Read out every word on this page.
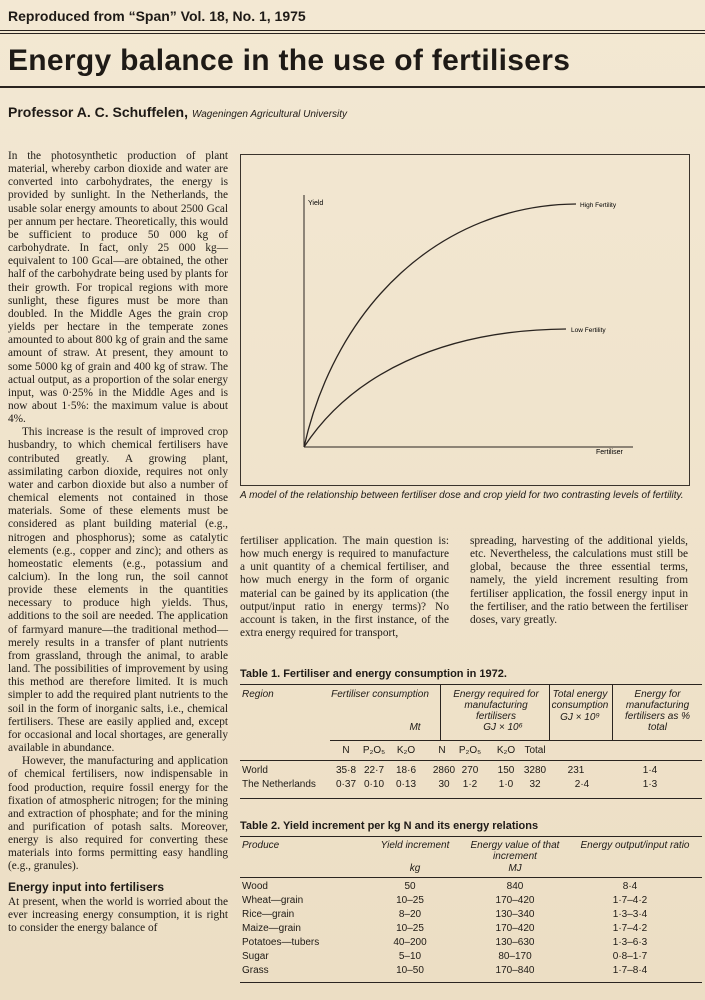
Reproduced from “Span” Vol. 18, No. 1, 1975
Energy balance in the use of fertilisers
Professor A. C. Schuffelen, Wageningen Agricultural University

In the photosynthetic production of plant material, whereby carbon dioxide and water are converted into carbohydrates, the energy is provided by sunlight. In the Netherlands, the usable solar energy amounts to about 2500 Gcal per annum per hectare. Theoretically, this would be sufficient to produce 50 000 kg of carbohydrate. In fact, only 25 000 kg—equivalent to 100 Gcal—are obtained, the other half of the carbohydrate being used by plants for their growth. For tropical regions with more sunlight, these figures must be more than doubled. In the Middle Ages the grain crop yields per hectare in the temperate zones amounted to about 800 kg of grain and the same amount of straw. At present, they amount to some 5000 kg of grain and 400 kg of straw. The actual output, as a proportion of the solar energy input, was 0·25% in the Middle Ages and is now about 1·5%: the maximum value is about 4%.

This increase is the result of improved crop husbandry, to which chemical fertilisers have contributed greatly. A growing plant, assimilating carbon dioxide, requires not only water and carbon dioxide but also a number of chemical elements not contained in those materials. Some of these elements must be considered as plant building material (e.g., nitrogen and phosphorus); some as catalytic elements (e.g., copper and zinc); and others as homeostatic elements (e.g., potassium and calcium). In the long run, the soil cannot provide these elements in the quantities necessary to produce high yields. Thus, additions to the soil are needed. The application of farmyard manure—the traditional method—merely results in a transfer of plant nutrients from grassland, through the animal, to arable land. The possibilities of improvement by using this method are therefore limited. It is much simpler to add the required plant nutrients to the soil in the form of inorganic salts, i.e., chemical fertilisers. These are easily applied and, except for occasional and local shortages, are generally available in abundance.

However, the manufacturing and application of chemical fertilisers, now indispensable in food production, require fossil energy for the fixation of atmospheric nitrogen; for the mining and extraction of phosphate; and for the mining and purification of potash salts. Moreover, energy is also required for converting these materials into forms permitting easy handling (e.g., granules).

Energy input into fertilisers

At present, when the world is worried about the ever increasing energy consumption, it is right to consider the energy balance of

Yield
Fertiliser
High Fertility
Low Fertility
A model of the relationship between fertiliser dose and crop yield for two contrasting levels of fertility.

fertiliser application. The main question is: how much energy is required to manufacture a unit quantity of a chemical fertiliser, and how much energy in the form of organic material can be gained by its application (the output/input ratio in energy terms)? No account is taken, in the first instance, of the extra energy required for transport,

spreading, harvesting of the additional yields, etc. Nevertheless, the calculations must still be global, because the three essential terms, namely, the yield increment resulting from fertiliser application, the fossil energy input in the fertiliser, and the ratio between the fertiliser doses, vary greatly.

Table 1. Fertiliser and energy consumption in 1972.
Region	Fertiliser consumption
Mt
Energy required for manufacturing fertilisers
GJ × 10⁶
Total energy consumption
GJ × 10⁹
Energy for manufacturing fertilisers as % total
N	P₂O₅	K₂O	N	P₂O₅	K₂O Total
World	35·8 22·7	18·6	2860 270	150 3280	231	1·4
The Netherlands 0·37 0·10	0·13	30	1·2	1·0	32	2·4	1·3
Table 2. Yield increment per kg N and its energy relations
Produce	Yield increment	Energy value of that increment
Energy output/input ratio
kg	MJ
Wood	50	840	8·4
Wheat—grain	10–25	170–420	1·7–4·2
Rice—grain	8–20	130–340	1·3–3·4
Maize—grain	10–25	170–420	1·7–4·2
Potatoes—tubers	40–200	130–630	1·3–6·3
Sugar	5–10	80–170	0·8–1·7
Grass	10–50	170–840	1·7–8·4
